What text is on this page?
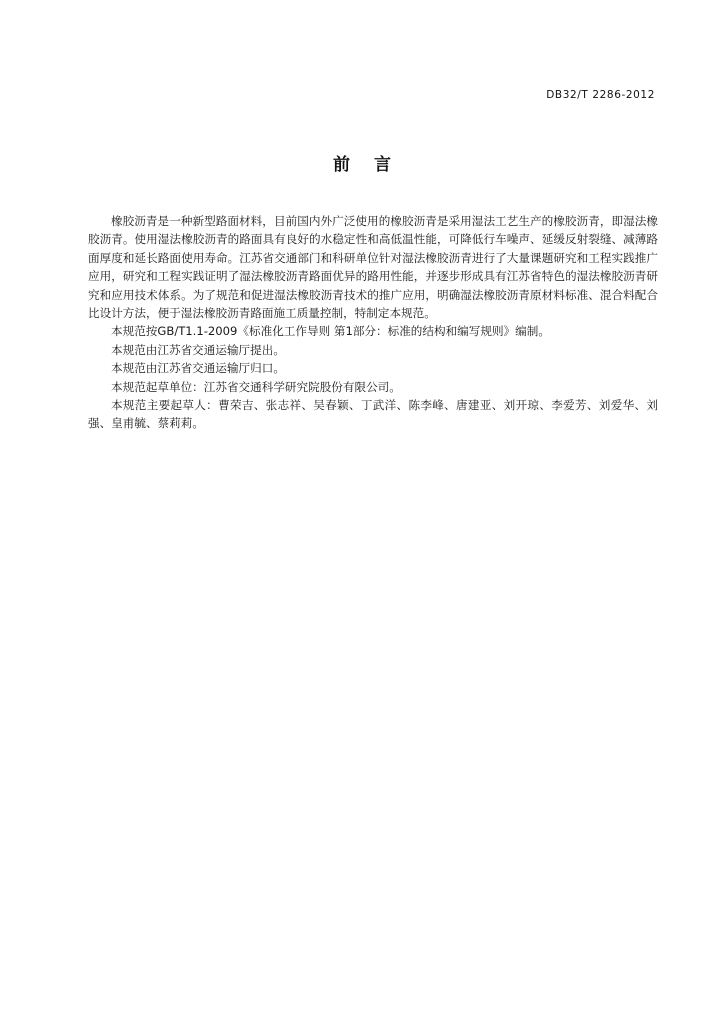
DB32/T 2286-2012
前 言

橡胶沥青是一种新型路面材料，目前国内外广泛使用的橡胶沥青是采用湿法工艺生产的橡胶沥青，即湿法橡胶沥青。使用湿法橡胶沥青的路面具有良好的水稳定性和高低温性能，可降低行车噪声、延缓反射裂缝、减薄路面厚度和延长路面使用寿命。江苏省交通部门和科研单位针对湿法橡胶沥青进行了大量课题研究和工程实践推广应用，研究和工程实践证明了湿法橡胶沥青路面优异的路用性能，并逐步形成具有江苏省特色的湿法橡胶沥青研究和应用技术体系。为了规范和促进湿法橡胶沥青技术的推广应用，明确湿法橡胶沥青原材料标准、混合料配合比设计方法，便于湿法橡胶沥青路面施工质量控制，特制定本规范。

本规范按GB/T1.1-2009《标准化工作导则 第1部分：标准的结构和编写规则》编制。

本规范由江苏省交通运输厅提出。

本规范由江苏省交通运输厅归口。

本规范起草单位：江苏省交通科学研究院股份有限公司。

本规范主要起草人：曹荣吉、张志祥、吴春颖、丁武洋、陈李峰、唐建亚、刘开琼、李爱芳、刘爱华、刘强、皇甫毓、蔡莉莉。
